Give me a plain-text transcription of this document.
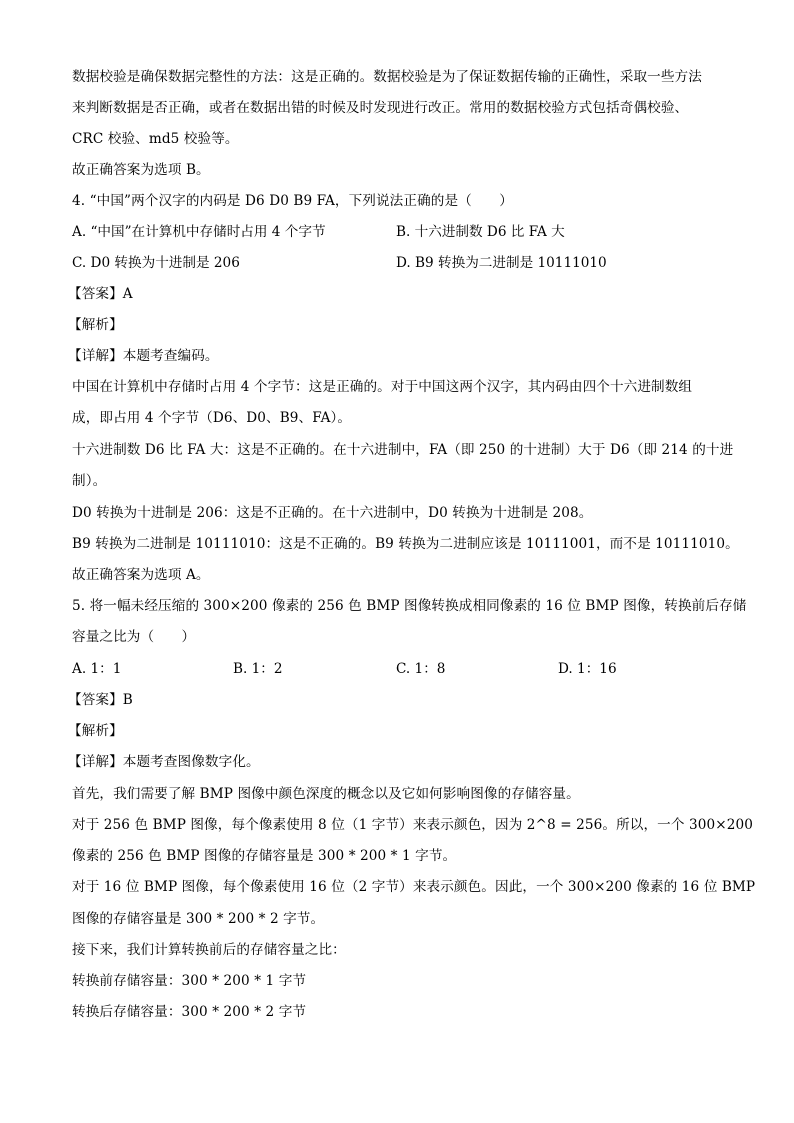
数据校验是确保数据完整性的方法：这是正确的。数据校验是为了保证数据传输的正确性，采取一些方法

来判断数据是否正确，或者在数据出错的时候及时发现进行改正。常用的数据校验方式包括奇偶校验、

CRC 校验、md5 校验等。

故正确答案为选项 B。

4. “中国”两个汉字的内码是 D6 D0 B9 FA，下列说法正确的是（　　）

A. “中国”在计算机中存储时占用 4 个字节	B. 十六进制数 D6 比 FA 大

C. D0 转换为十进制是 206	D. B9 转换为二进制是 10111010

【答案】A

【解析】

【详解】本题考查编码。

中国在计算机中存储时占用 4 个字节：这是正确的。对于中国这两个汉字，其内码由四个十六进制数组

成，即占用 4 个字节（D6、D0、B9、FA）。

十六进制数 D6 比 FA 大：这是不正确的。在十六进制中，FA（即 250 的十进制）大于 D6（即 214 的十进

制）。

D0 转换为十进制是 206：这是不正确的。在十六进制中，D0 转换为十进制是 208。

B9 转换为二进制是 10111010：这是不正确的。B9 转换为二进制应该是 10111001，而不是 10111010。

故正确答案为选项 A。

5. 将一幅未经压缩的 300×200 像素的 256 色 BMP 图像转换成相同像素的 16 位 BMP 图像，转换前后存储

容量之比为（　　）

A. 1：1	B. 1：2	C. 1：8	D. 1：16

【答案】B

【解析】

【详解】本题考查图像数字化。

首先，我们需要了解 BMP 图像中颜色深度的概念以及它如何影响图像的存储容量。

对于 256 色 BMP 图像，每个像素使用 8 位（1 字节）来表示颜色，因为 2^8 = 256。所以，一个 300×200

像素的 256 色 BMP 图像的存储容量是 300 * 200 * 1 字节。

对于 16 位 BMP 图像，每个像素使用 16 位（2 字节）来表示颜色。因此，一个 300×200 像素的 16 位 BMP

图像的存储容量是 300 * 200 * 2 字节。

接下来，我们计算转换前后的存储容量之比：

转换前存储容量：300 * 200 * 1 字节

转换后存储容量：300 * 200 * 2 字节
